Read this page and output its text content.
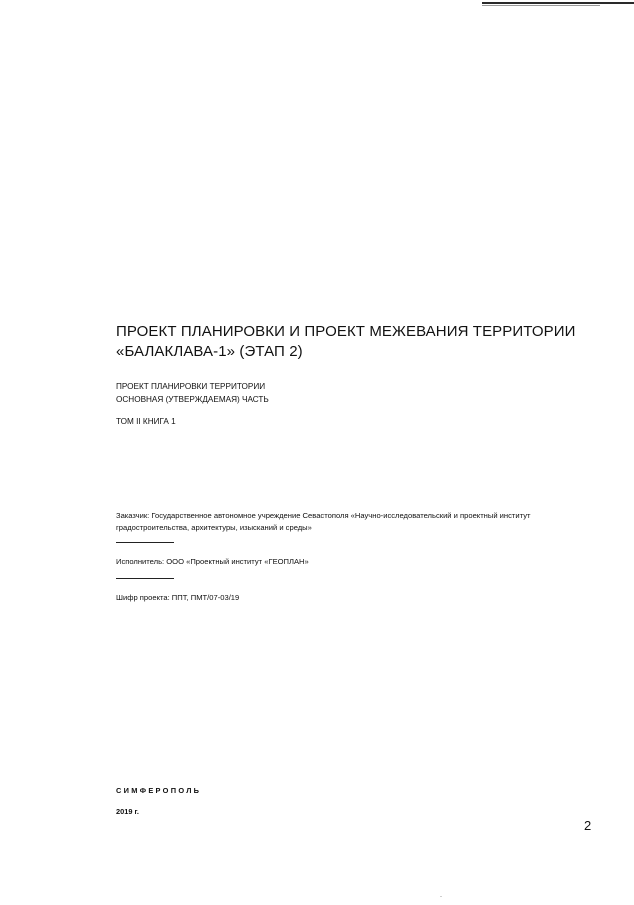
ПРОЕКТ ПЛАНИРОВКИ И ПРОЕКТ МЕЖЕВАНИЯ ТЕРРИТОРИИ
«БАЛАКЛАВА-1» (ЭТАП 2)
ПРОЕКТ ПЛАНИРОВКИ ТЕРРИТОРИИ
ОСНОВНАЯ (УТВЕРЖДАЕМАЯ) ЧАСТЬ
ТОМ II КНИГА 1
Заказчик: Государственное автономное учреждение Севастополя «Научно-исследовательский и проектный институт градостроительства, архитектуры, изысканий и среды»
Исполнитель: ООО «Проектный институт «ГЕОПЛАН»
Шифр проекта: ППТ, ПМТ/07-03/19
СИМФЕРОПОЛЬ
2019 г.
2
